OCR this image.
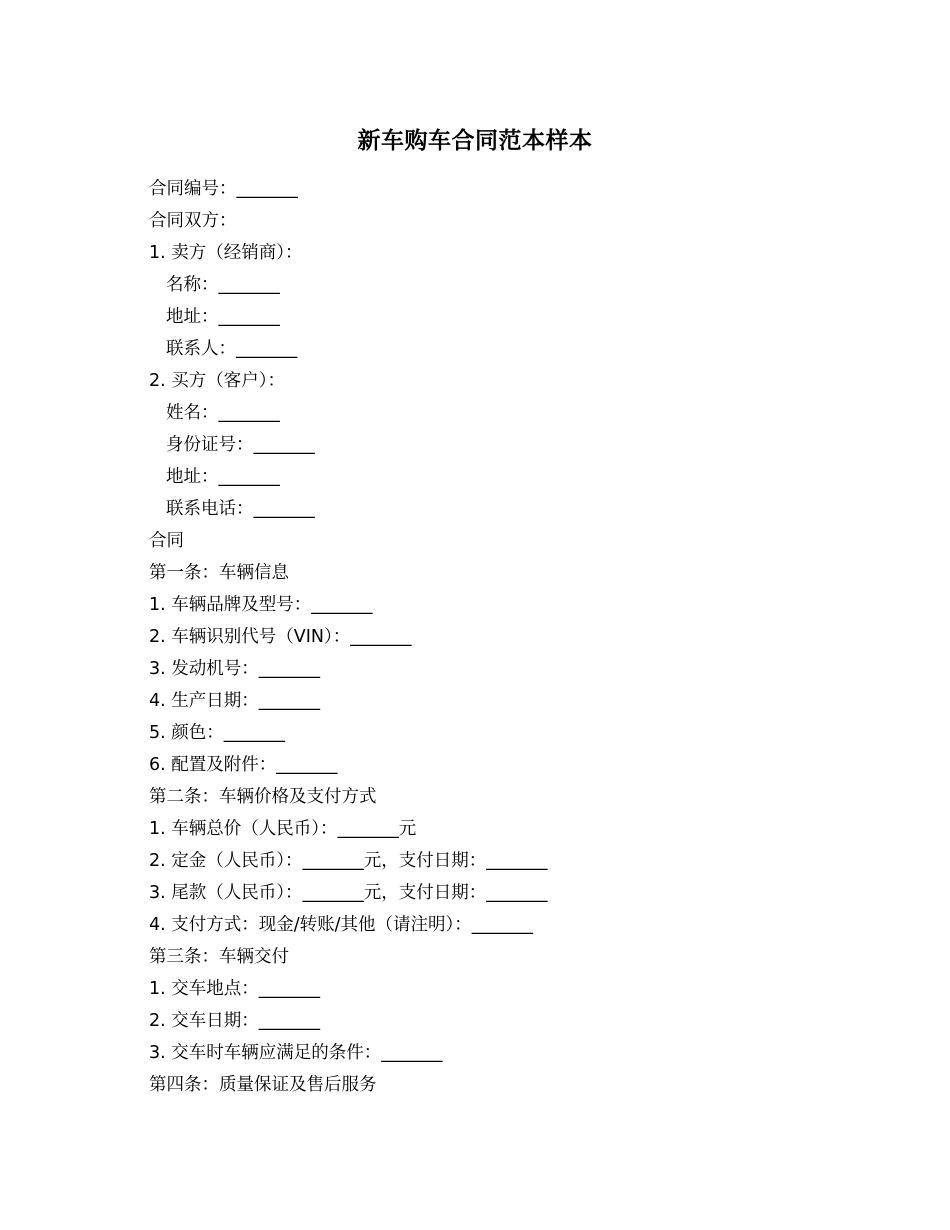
新车购车合同范本样本
合同编号：_______
合同双方：
1. 卖方（经销商）：
名称：_______
地址：_______
联系人：_______
2. 买方（客户）：
姓名：_______
身份证号：_______
地址：_______
联系电话：_______
合同
第一条：车辆信息
1. 车辆品牌及型号：_______
2. 车辆识别代号（VIN）：_______
3. 发动机号：_______
4. 生产日期：_______
5. 颜色：_______
6. 配置及附件：_______
第二条：车辆价格及支付方式
1. 车辆总价（人民币）：_______元
2. 定金（人民币）：_______元，支付日期：_______
3. 尾款（人民币）：_______元，支付日期：_______
4. 支付方式：现金/转账/其他（请注明）：_______
第三条：车辆交付
1. 交车地点：_______
2. 交车日期：_______
3. 交车时车辆应满足的条件：_______
第四条：质量保证及售后服务
